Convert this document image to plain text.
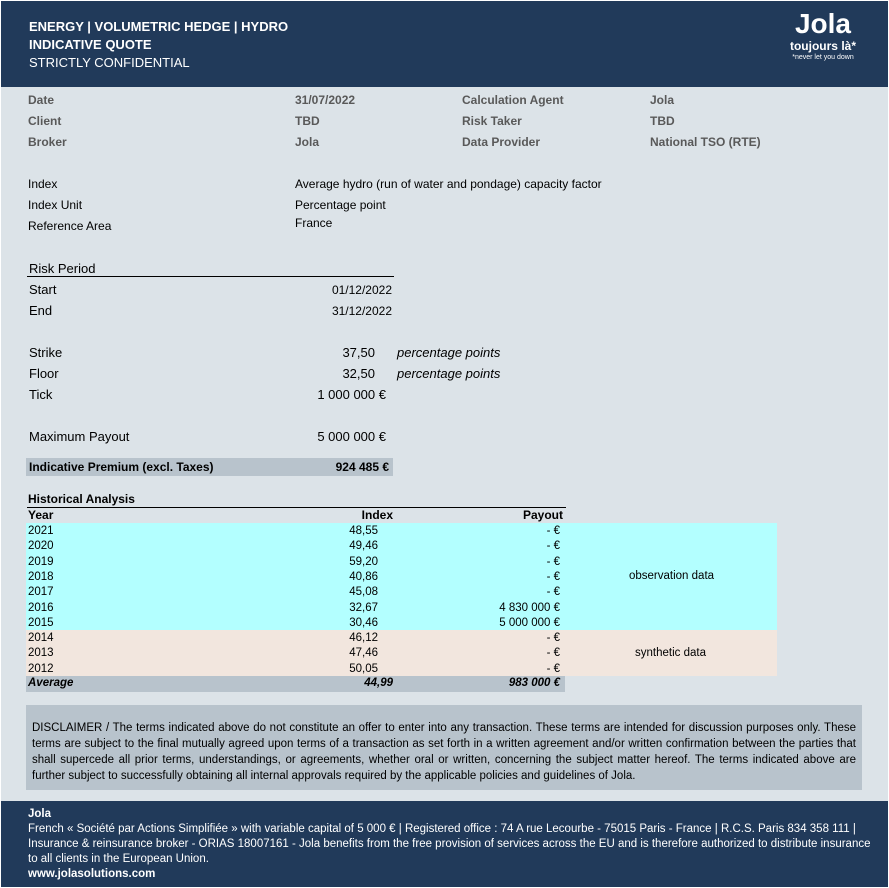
ENERGY | VOLUMETRIC HEDGE | HYDRO
INDICATIVE QUOTE
STRICTLY CONFIDENTIAL
Jola
toujours là*
*never let you down
Date	31/07/2022	Calculation Agent	Jola
Client	TBD	Risk Taker	TBD
Broker	Jola	Data Provider	National TSO (RTE)
Index	Average hydro (run of water and pondage) capacity factor
Index Unit	Percentage point
Reference Area	France
Risk Period
Start	01/12/2022
End	31/12/2022
Strike	37,50 percentage points
Floor	32,50 percentage points
Tick	1 000 000 €
Maximum Payout	5 000 000 €
Indicative Premium (excl. Taxes)	924 485 €
Historical Analysis
Year	Index	Payout
observation data
synthetic data
2021	48,55	- €
2020	49,46	- €
2019	59,20	- €
2018	40,86	- €
2017	45,08	- €
2016	32,67	4 830 000 €
2015	30,46	5 000 000 €
2014	46,12	- €
2013	47,46	- €
2012	50,05	- €
Average	44,99	983 000 €
DISCLAIMER / The terms indicated above do not constitute an offer to enter into any transaction. These terms are intended for discussion purposes only. These terms are subject to the final mutually agreed upon terms of a transaction as set forth in a written agreement and/or written confirmation between the parties that shall supercede all prior terms, understandings, or agreements, whether oral or written, concerning the subject matter hereof. The terms indicated above are further subject to successfully obtaining all internal approvals required by the applicable policies and guidelines of Jola.
Jola
French « Société par Actions Simplifiée » with variable capital of 5 000 € | Registered office : 74 A rue Lecourbe - 75015 Paris - France | R.C.S. Paris 834 358 111 |
Insurance & reinsurance broker - ORIAS 18007161 - Jola benefits from the free provision of services across the EU and is therefore authorized to distribute insurance
to all clients in the European Union.
www.jolasolutions.com
